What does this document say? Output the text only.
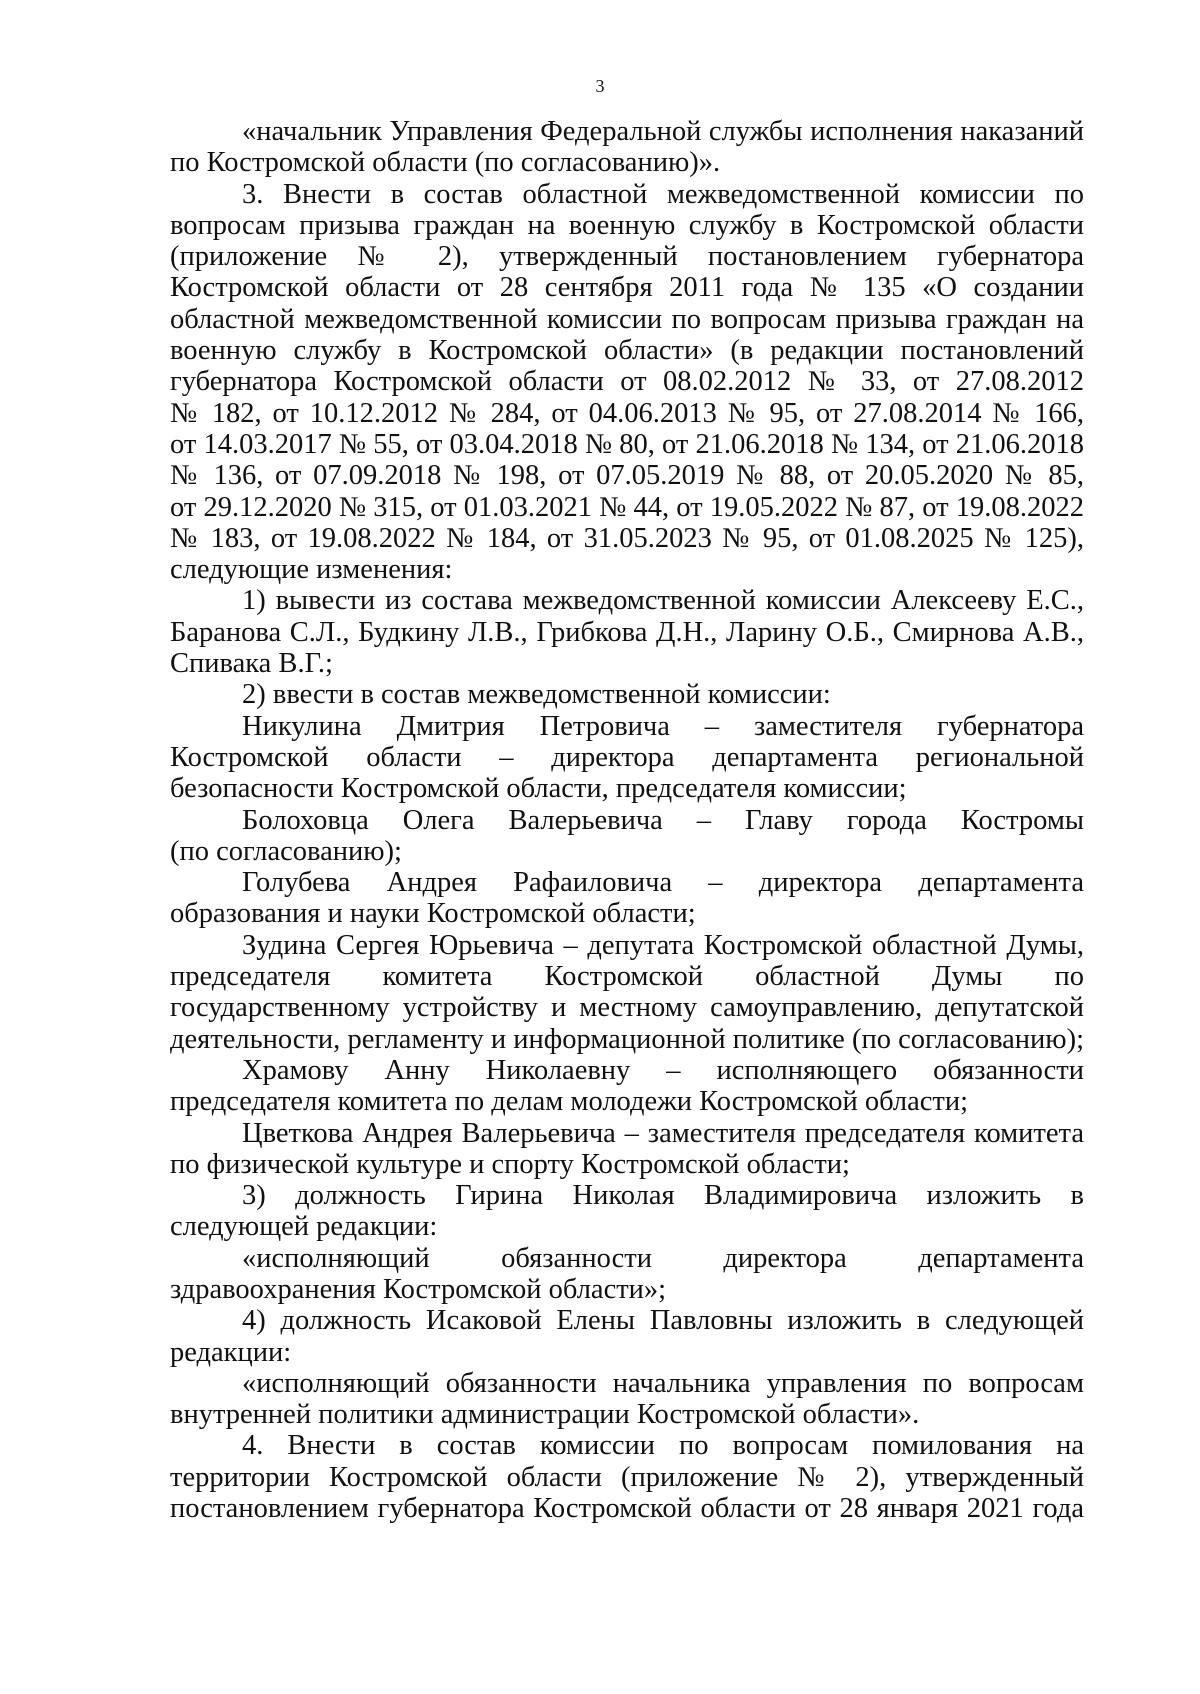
3
«начальник Управления Федеральной службы исполнения наказаний
по Костромской области (по согласованию)».
3. Внести в состав областной межведомственной комиссии по
вопросам призыва граждан на военную службу в Костромской области
(приложение № 2), утвержденный постановлением губернатора
Костромской области от 28 сентября 2011 года № 135 «О создании
областной межведомственной комиссии по вопросам призыва граждан на
военную службу в Костромской области» (в редакции постановлений
губернатора Костромской области от 08.02.2012 № 33, от 27.08.2012
№ 182, от 10.12.2012 № 284, от 04.06.2013 № 95, от 27.08.2014 № 166,
от 14.03.2017 № 55, от 03.04.2018 № 80, от 21.06.2018 № 134, от 21.06.2018
№ 136, от 07.09.2018 № 198, от 07.05.2019 № 88, от 20.05.2020 № 85,
от 29.12.2020 № 315, от 01.03.2021 № 44, от 19.05.2022 № 87, от 19.08.2022
№ 183, от 19.08.2022 № 184, от 31.05.2023 № 95, от 01.08.2025 № 125),
следующие изменения:
1) вывести из состава межведомственной комиссии Алексееву Е.С.,
Баранова С.Л., Будкину Л.В., Грибкова Д.Н., Ларину О.Б., Смирнова А.В.,
Спивака В.Г.;
2) ввести в состав межведомственной комиссии:
Никулина Дмитрия Петровича – заместителя губернатора
Костромской области – директора департамента региональной
безопасности Костромской области, председателя комиссии;
Болоховца Олега Валерьевича – Главу города Костромы
(по согласованию);
Голубева Андрея Рафаиловича – директора департамента
образования и науки Костромской области;
Зудина Сергея Юрьевича – депутата Костромской областной Думы,
председателя комитета Костромской областной Думы по
государственному устройству и местному самоуправлению, депутатской
деятельности, регламенту и информационной политике (по согласованию);
Храмову Анну Николаевну – исполняющего обязанности
председателя комитета по делам молодежи Костромской области;
Цветкова Андрея Валерьевича – заместителя председателя комитета
по физической культуре и спорту Костромской области;
3) должность Гирина Николая Владимировича изложить в
следующей редакции:
«исполняющий обязанности директора департамента
здравоохранения Костромской области»;
4) должность Исаковой Елены Павловны изложить в следующей
редакции:
«исполняющий обязанности начальника управления по вопросам
внутренней политики администрации Костромской области».
4. Внести в состав комиссии по вопросам помилования на
территории Костромской области (приложение № 2), утвержденный
постановлением губернатора Костромской области от 28 января 2021 года
